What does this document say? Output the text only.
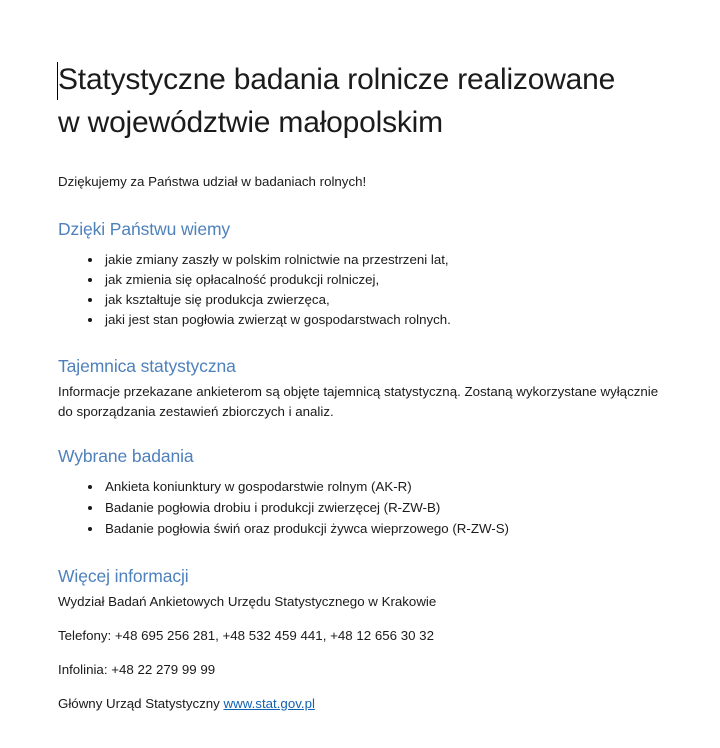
Statystyczne badania rolnicze realizowane
w województwie małopolskim

Dziękujemy za Państwa udział w badaniach rolnych!

Dzięki Państwu wiemy
jakie zmiany zaszły w polskim rolnictwie na przestrzeni lat,
jak zmienia się opłacalność produkcji rolniczej,
jak kształtuje się produkcja zwierzęca,
jaki jest stan pogłowia zwierząt w gospodarstwach rolnych.
Tajemnica statystyczna

Informacje przekazane ankieterom są objęte tajemnicą statystyczną. Zostaną wykorzystane wyłącznie do sporządzania zestawień zbiorczych i analiz.

Wybrane badania
Ankieta koniunktury w gospodarstwie rolnym (AK-R)
Badanie pogłowia drobiu i produkcji zwierzęcej (R-ZW-B)
Badanie pogłowia świń oraz produkcji żywca wieprzowego (R-ZW-S)
Więcej informacji

Wydział Badań Ankietowych Urzędu Statystycznego w Krakowie

Telefony: +48 695 256 281, +48 532 459 441, +48 12 656 30 32

Infolinia: +48 22 279 99 99

Główny Urząd Statystyczny www.stat.gov.pl
